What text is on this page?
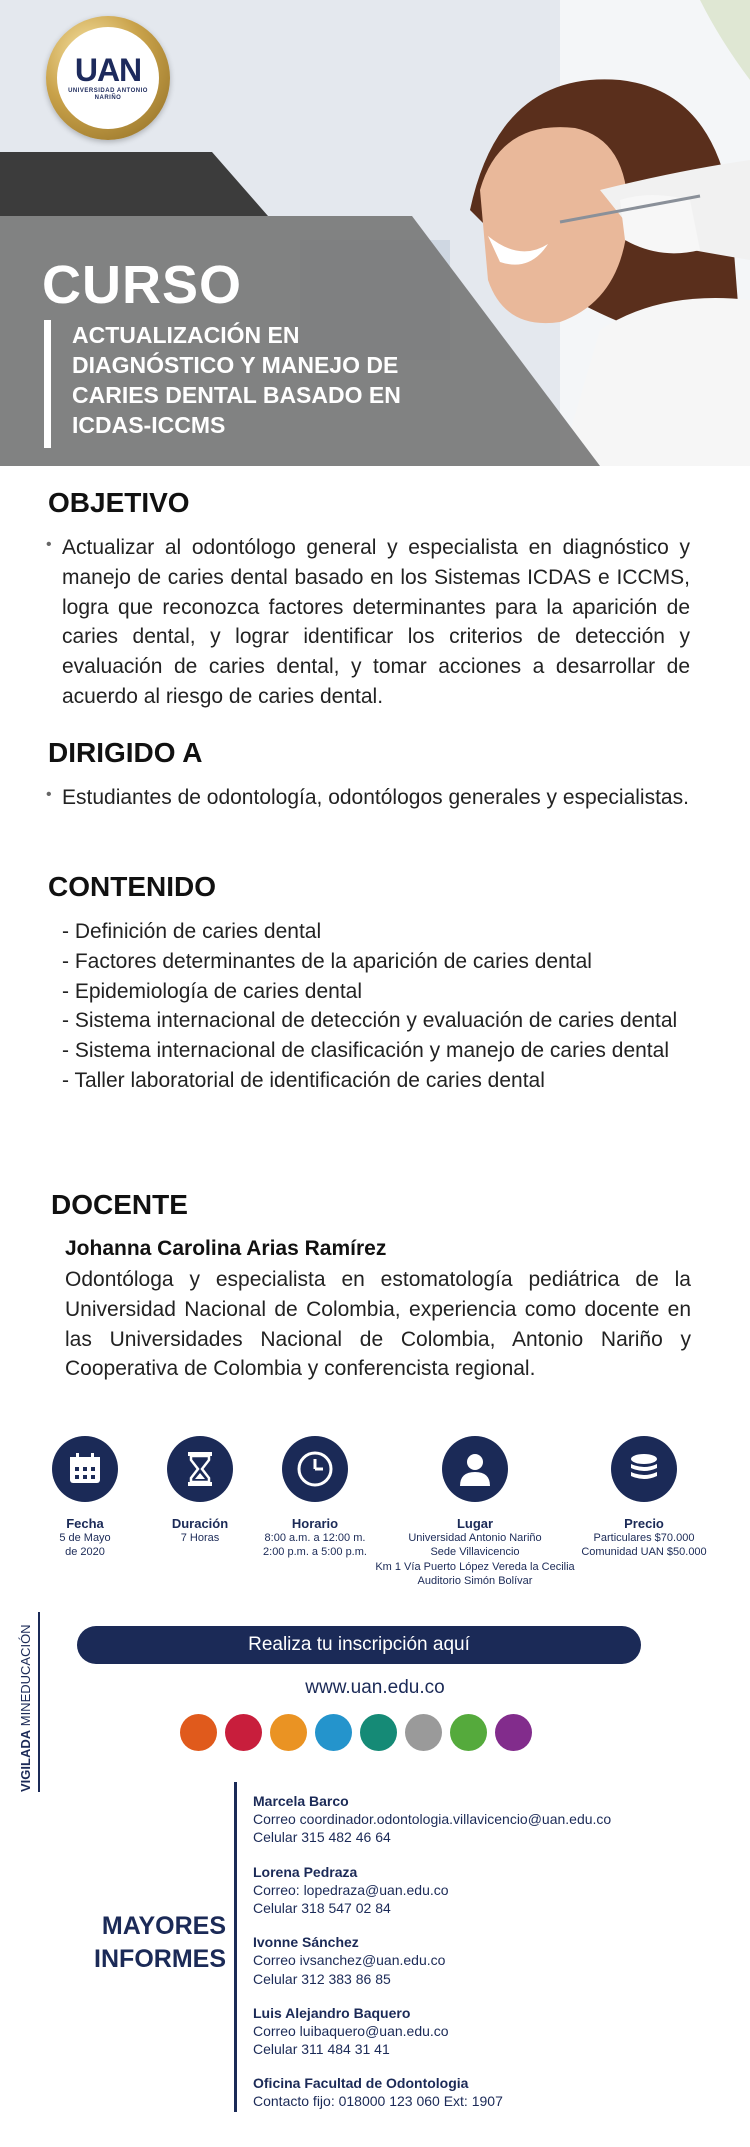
UAN
UNIVERSIDAD ANTONIO NARIÑO
CURSO
ACTUALIZACIÓN EN
DIAGNÓSTICO Y MANEJO DE
CARIES DENTAL BASADO EN
ICDAS-ICCMS
OBJETIVO
• Actualizar al odontólogo general y especialista en diagnóstico y manejo de caries dental basado en los Sistemas ICDAS e ICCMS, logra que reconozca factores determinantes para la aparición de caries dental, y lograr identificar los criterios de detección y evaluación de caries dental, y tomar acciones a desarrollar de acuerdo al riesgo de caries dental.

DIRIGIDO A
• Estudiantes de odontología, odontólogos generales y especialistas.

CONTENIDO
- Definición de caries dental
- Factores determinantes de la aparición de caries dental
- Epidemiología de caries dental
- Sistema internacional de detección y evaluación de caries dental
- Sistema internacional de clasificación y manejo de caries dental
- Taller laboratorial de identificación de caries dental
DOCENTE
Johanna Carolina Arias Ramírez

Odontóloga y especialista en estomatología pediátrica de la Universidad Nacional de Colombia, experiencia como docente en las Universidades Nacional de Colombia, Antonio Nariño y Cooperativa de Colombia y conferencista regional.

Fecha
5 de Mayo
de 2020
Duración
7 Horas
Horario
8:00 a.m. a 12:00 m.
2:00 p.m. a 5:00 p.m.
Lugar
Universidad Antonio Nariño
Sede Villavicencio
Km 1 Vía Puerto López Vereda la Cecilia
Auditorio Simón Bolívar
Precio
Particulares $70.000
Comunidad UAN $50.000
VIGILADA MINEDUCACIÓN	Realiza tu inscripción aquí
www.uan.edu.co
MAYORES
INFORMES
Marcela Barco
Correo coordinador.odontologia.villavicencio@uan.edu.co
Celular 315 482 46 64
Lorena Pedraza
Correo: lopedraza@uan.edu.co
Celular 318 547 02 84
Ivonne Sánchez
Correo ivsanchez@uan.edu.co
Celular 312 383 86 85
Luis Alejandro Baquero
Correo luibaquero@uan.edu.co
Celular 311 484 31 41
Oficina Facultad de Odontologia
Contacto fijo: 018000 123 060 Ext: 1907
